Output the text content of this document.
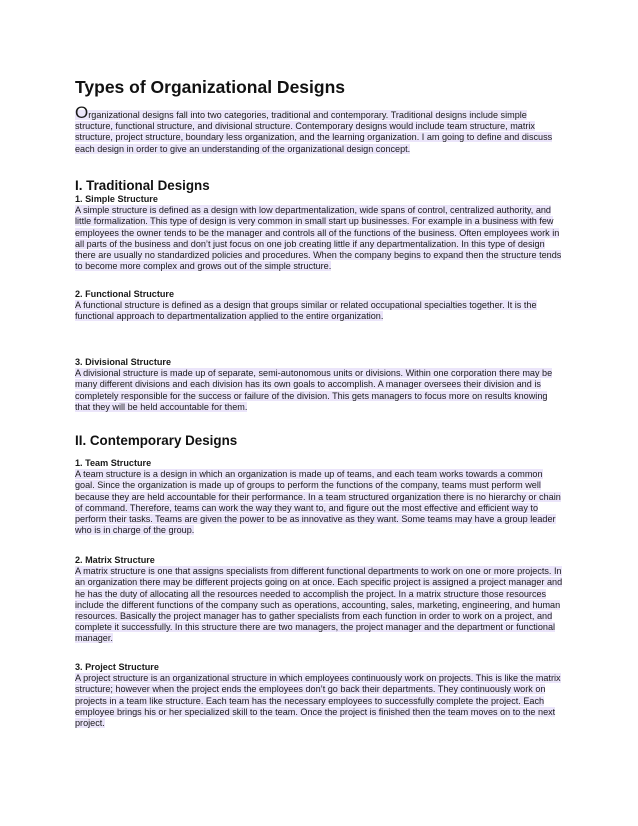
Types of Organizational Designs

Organizational designs fall into two categories, traditional and contemporary. Traditional designs include simple structure, functional structure, and divisional structure. Contemporary designs would include team structure, matrix structure, project structure, boundary less organization, and the learning organization. I am going to define and discuss each design in order to give an understanding of the organizational design concept.

I. Traditional Designs

1. Simple Structure

A simple structure is defined as a design with low departmentalization, wide spans of control, centralized authority, and little formalization. This type of design is very common in small start up businesses. For example in a business with few employees the owner tends to be the manager and controls all of the functions of the business. Often employees work in all parts of the business and don’t just focus on one job creating little if any departmentalization. In this type of design there are usually no standardized policies and procedures. When the company begins to expand then the structure tends to become more complex and grows out of the simple structure.

2. Functional Structure

A functional structure is defined as a design that groups similar or related occupational specialties together. It is the functional approach to departmentalization applied to the entire organization.

3. Divisional Structure

A divisional structure is made up of separate, semi-autonomous units or divisions. Within one corporation there may be many different divisions and each division has its own goals to accomplish. A manager oversees their division and is completely responsible for the success or failure of the division. This gets managers to focus more on results knowing that they will be held accountable for them.

II. Contemporary Designs

1. Team Structure

A team structure is a design in which an organization is made up of teams, and each team works towards a common goal. Since the organization is made up of groups to perform the functions of the company, teams must perform well because they are held accountable for their performance. In a team structured organization there is no hierarchy or chain of command. Therefore, teams can work the way they want to, and figure out the most effective and efficient way to perform their tasks. Teams are given the power to be as innovative as they want. Some teams may have a group leader who is in charge of the group.

2. Matrix Structure

A matrix structure is one that assigns specialists from different functional departments to work on one or more projects. In an organization there may be different projects going on at once. Each specific project is assigned a project manager and he has the duty of allocating all the resources needed to accomplish the project. In a matrix structure those resources include the different functions of the company such as operations, accounting, sales, marketing, engineering, and human resources. Basically the project manager has to gather specialists from each function in order to work on a project, and complete it successfully. In this structure there are two managers, the project manager and the department or functional manager.

3. Project Structure

A project structure is an organizational structure in which employees continuously work on projects. This is like the matrix structure; however when the project ends the employees don’t go back their departments. They continuously work on projects in a team like structure. Each team has the necessary employees to successfully complete the project. Each employee brings his or her specialized skill to the team. Once the project is finished then the team moves on to the next project.
